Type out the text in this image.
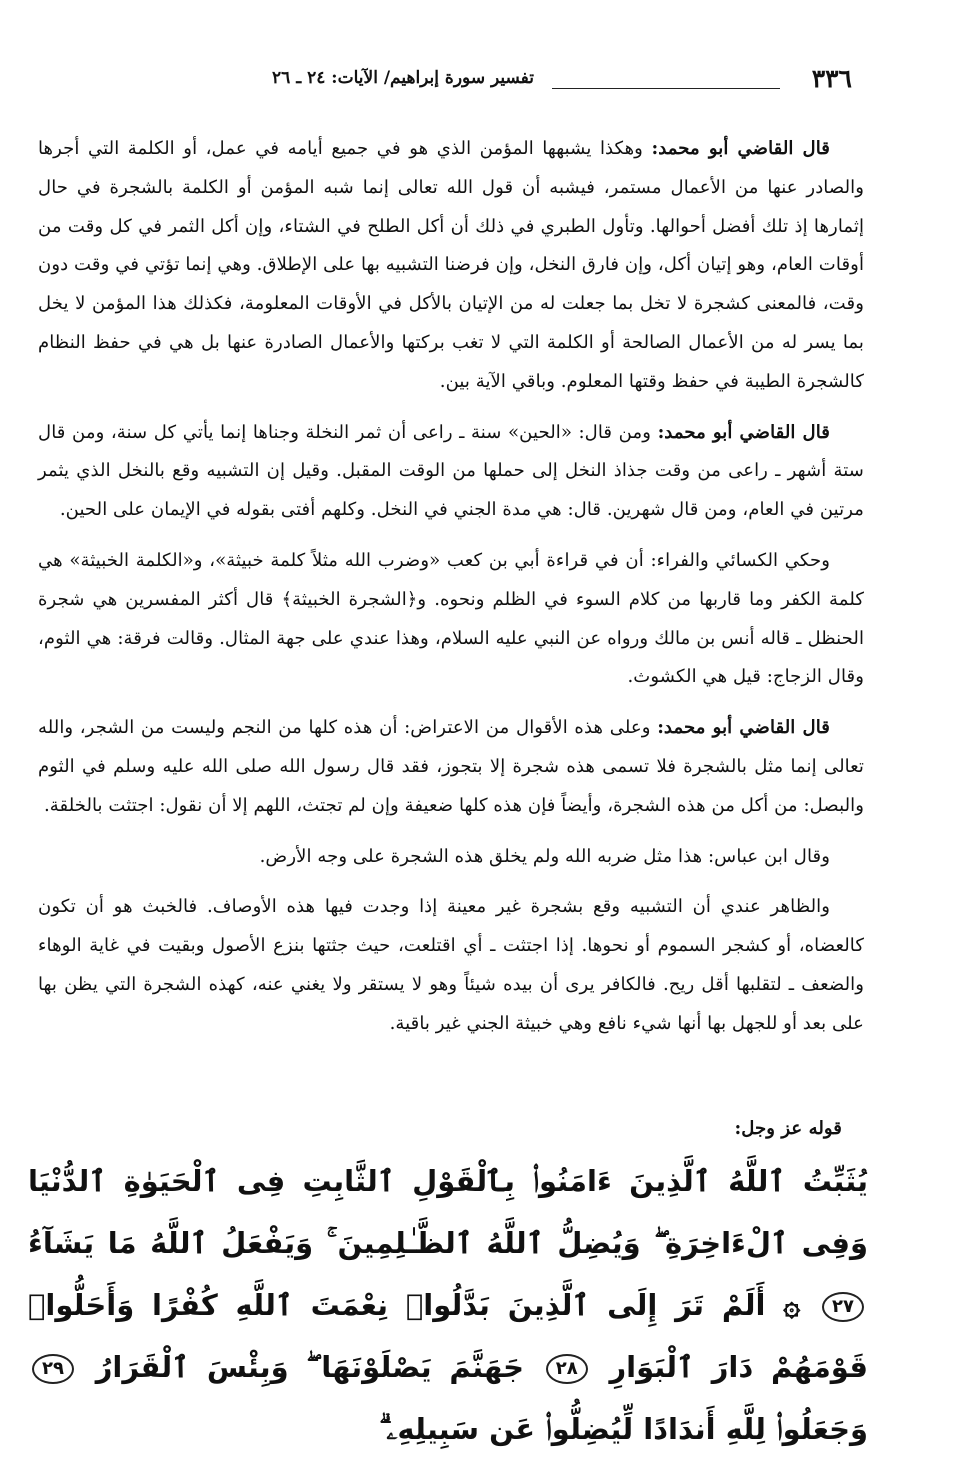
٣٣٦
تفسير سورة إبراهيم/ الآيات: ٢٤ ـ ٢٦

قال القاضي أبو محمد: وهكذا يشبهها المؤمن الذي هو في جميع أيامه في عمل، أو الكلمة التي أجرها والصادر عنها من الأعمال مستمر، فيشبه أن قول الله تعالى إنما شبه المؤمن أو الكلمة بالشجرة في حال إثمارها إذ تلك أفضل أحوالها. وتأول الطبري في ذلك أن أكل الطلح في الشتاء، وإن أكل الثمر في كل وقت من أوقات العام، وهو إتيان أكل، وإن فارق النخل، وإن فرضنا التشبيه بها على الإطلاق. وهي إنما تؤتي في وقت دون وقت، فالمعنى كشجرة لا تخل بما جعلت له من الإتيان بالأكل في الأوقات المعلومة، فكذلك هذا المؤمن لا يخل بما يسر له من الأعمال الصالحة أو الكلمة التي لا تغب بركتها والأعمال الصادرة عنها بل هي في حفظ النظام كالشجرة الطيبة في حفظ وقتها المعلوم. وباقي الآية بين.

قال القاضي أبو محمد: ومن قال: «الحين» سنة ـ راعى أن ثمر النخلة وجناها إنما يأتي كل سنة، ومن قال ستة أشهر ـ راعى من وقت جذاذ النخل إلى حملها من الوقت المقبل. وقيل إن التشبيه وقع بالنخل الذي يثمر مرتين في العام، ومن قال شهرين. قال: هي مدة الجني في النخل. وكلهم أفتى بقوله في الإيمان على الحين.

وحكي الكسائي والفراء: أن في قراءة أبي بن كعب «وضرب الله مثلاً كلمة خبيثة»، و«الكلمة الخبيثة» هي كلمة الكفر وما قاربها من كلام السوء في الظلم ونحوه. و﴿الشجرة الخبيثة﴾ قال أكثر المفسرين هي شجرة الحنظل ـ قاله أنس بن مالك ورواه عن النبي عليه السلام، وهذا عندي على جهة المثال. وقالت فرقة: هي الثوم، وقال الزجاج: قيل هي الكشوث.

قال القاضي أبو محمد: وعلى هذه الأقوال من الاعتراض: أن هذه كلها من النجم وليست من الشجر، والله تعالى إنما مثل بالشجرة فلا تسمى هذه شجرة إلا بتجوز، فقد قال رسول الله صلى الله عليه وسلم في الثوم والبصل: من أكل من هذه الشجرة، وأيضاً فإن هذه كلها ضعيفة وإن لم تجتث، اللهم إلا أن نقول: اجتثت بالخلقة.

وقال ابن عباس: هذا مثل ضربه الله ولم يخلق هذه الشجرة على وجه الأرض.

والظاهر عندي أن التشبيه وقع بشجرة غير معينة إذا وجدت فيها هذه الأوصاف. فالخبث هو أن تكون كالعضاه، أو كشجر السموم أو نحوها. إذا اجتثت ـ أي اقتلعت، حيث جثتها بنزع الأصول وبقيت في غاية الوهاء والضعف ـ لتقلبها أقل ريح. فالكافر يرى أن بيده شيئاً وهو لا يستقر ولا يغني عنه، كهذه الشجرة التي يظن بها على بعد أو للجهل بها أنها شيء نافع وهي خبيثة الجني غير باقية.

قوله عز وجل:
يُثَبِّتُ ٱللَّهُ ٱلَّذِينَ ءَامَنُوا۟ بِٱلْقَوْلِ ٱلثَّابِتِ فِى ٱلْحَيَوٰةِ ٱلدُّنْيَا وَفِى ٱلْءَاخِرَةِ ۖ وَيُضِلُّ ٱللَّهُ ٱلظَّـٰلِمِينَ ۚ وَيَفْعَلُ ٱللَّهُ مَا يَشَآءُ ٢٧ ۞ أَلَمْ تَرَ إِلَى ٱلَّذِينَ بَدَّلُوا۟ نِعْمَتَ ٱللَّهِ كُفْرًا وَأَحَلُّوا۟ قَوْمَهُمْ دَارَ ٱلْبَوَارِ ٢٨ جَهَنَّمَ يَصْلَوْنَهَا ۖ وَبِئْسَ ٱلْقَرَارُ ٢٩ وَجَعَلُوا۟ لِلَّهِ أَندَادًا لِّيُضِلُّوا۟ عَن سَبِيلِهِۦ ۗ
